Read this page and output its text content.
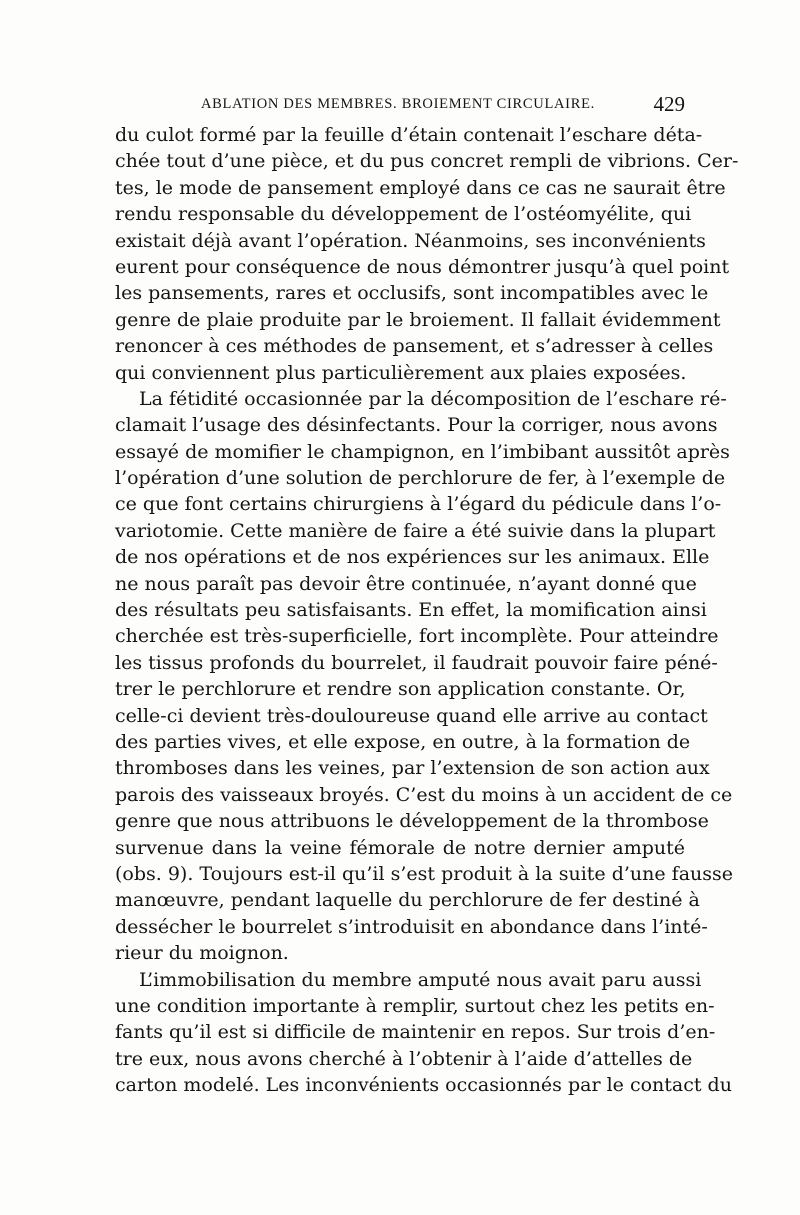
ABLATION DES MEMBRES. BROIEMENT CIRCULAIRE.	429
du culot formé par la feuille d’étain contenait l’eschare déta-
chée tout d’une pièce, et du pus concret rempli de vibrions. Cer-
tes, le mode de pansement employé dans ce cas ne saurait être
rendu responsable du développement de l’ostéomyélite, qui
existait déjà avant l’opération. Néanmoins, ses inconvénients
eurent pour conséquence de nous démontrer jusqu’à quel point
les pansements, rares et occlusifs, sont incompatibles avec le
genre de plaie produite par le broiement. Il fallait évidemment
renoncer à ces méthodes de pansement, et s’adresser à celles
qui conviennent plus particulièrement aux plaies exposées.
La fétidité occasionnée par la décomposition de l’eschare ré-
clamait l’usage des désinfectants. Pour la corriger, nous avons
essayé de momifier le champignon, en l’imbibant aussitôt après
l’opération d’une solution de perchlorure de fer, à l’exemple de
ce que font certains chirurgiens à l’égard du pédicule dans l’o-
variotomie. Cette manière de faire a été suivie dans la plupart
de nos opérations et de nos expériences sur les animaux. Elle
ne nous paraît pas devoir être continuée, n’ayant donné que
des résultats peu satisfaisants. En effet, la momification ainsi
cherchée est très-superficielle, fort incomplète. Pour atteindre
les tissus profonds du bourrelet, il faudrait pouvoir faire péné-
trer le perchlorure et rendre son application constante. Or,
celle-ci devient très-douloureuse quand elle arrive au contact
des parties vives, et elle expose, en outre, à la formation de
thromboses dans les veines, par l’extension de son action aux
parois des vaisseaux broyés. C’est du moins à un accident de ce
genre que nous attribuons le développement de la thrombose
survenue dans la veine fémorale de notre dernier amputé
(obs. 9). Toujours est-il qu’il s’est produit à la suite d’une fausse
manœuvre, pendant laquelle du perchlorure de fer destiné à
dessécher le bourrelet s’introduisit en abondance dans l’inté-
rieur du moignon.
L’immobilisation du membre amputé nous avait paru aussi
une condition importante à remplir, surtout chez les petits en-
fants qu’il est si difficile de maintenir en repos. Sur trois d’en-
tre eux, nous avons cherché à l’obtenir à l’aide d’attelles de
carton modelé. Les inconvénients occasionnés par le contact du
